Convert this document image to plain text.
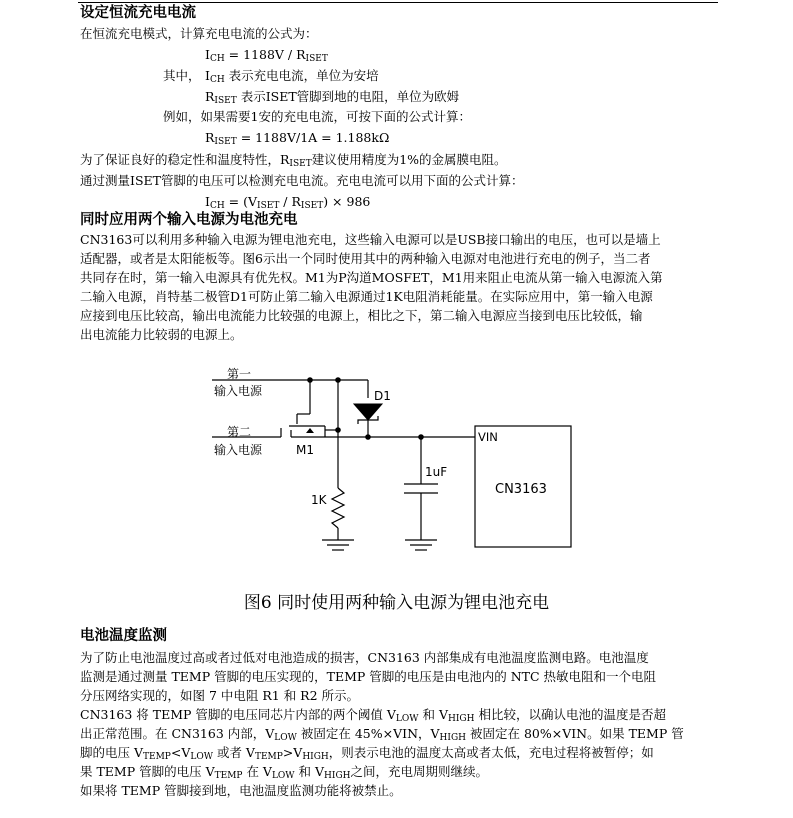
设定恒流充电电流
在恒流充电模式，计算充电电流的公式为：
$I_{CH} = 1188V / R_{ISET}$
其中， $I_{CH}$ 表示充电电流，单位为安培
$R_{ISET}$ 表示ISET管脚到地的电阻，单位为欧姆
例如，如果需要1安的充电电流，可按下面的公式计算：
$R_{ISET} = 1188V/1A = 1.188k\Omega$
为了保证良好的稳定性和温度特性，$R_{ISET}$建议使用精度为1%的金属膜电阻。
通过测量ISET管脚的电压可以检测充电电流。充电电流可以用下面的公式计算：
$I_{CH} = (V_{ISET} / R_{ISET}) \times 986$
同时应用两个输入电源为电池充电
CN3163可以利用多种输入电源为锂电池充电，这些输入电源可以是USB接口输出的电压，也可以是墙上
适配器，或者是太阳能板等。图6示出一个同时使用其中的两种输入电源对电池进行充电的例子，当二者
共同存在时，第一输入电源具有优先权。M1为P沟道MOSFET，M1用来阻止电流从第一输入电源流入第
二输入电源，肖特基二极管D1可防止第二输入电源通过1K电阻消耗能量。在实际应用中，第一输入电源
应接到电压比较高，输出电流能力比较强的电源上，相比之下，第二输入电源应当接到电压比较低，输
出电流能力比较弱的电源上。
第一
输入电源
第二
输入电源	M1
D1
1K
1uF
VIN
CN3163
图6 同时使用两种输入电源为锂电池充电
电池温度监测
为了防止电池温度过高或者过低对电池造成的损害，CN3163 内部集成有电池温度监测电路。电池温度
监测是通过测量 TEMP 管脚的电压实现的，TEMP 管脚的电压是由电池内的 NTC 热敏电阻和一个电阻
分压网络实现的，如图 7 中电阻 R1 和 R2 所示。
CN3163 将 TEMP 管脚的电压同芯片内部的两个阈值 $V_{LOW}$ 和 $V_{HIGH}$ 相比较，以确认电池的温度是否超
出正常范围。在 CN3163 内部，$V_{LOW}$ 被固定在 45%×VIN，$V_{HIGH}$ 被固定在 80%×VIN。如果 TEMP 管
脚的电压 $V_{TEMP}<V_{LOW}$ 或者 $V_{TEMP}>V_{HIGH}$，则表示电池的温度太高或者太低，充电过程将被暂停；如
果 TEMP 管脚的电压 $V_{TEMP}$ 在 $V_{LOW}$ 和 $V_{HIGH}$之间，充电周期则继续。
如果将 TEMP 管脚接到地，电池温度监测功能将被禁止。
